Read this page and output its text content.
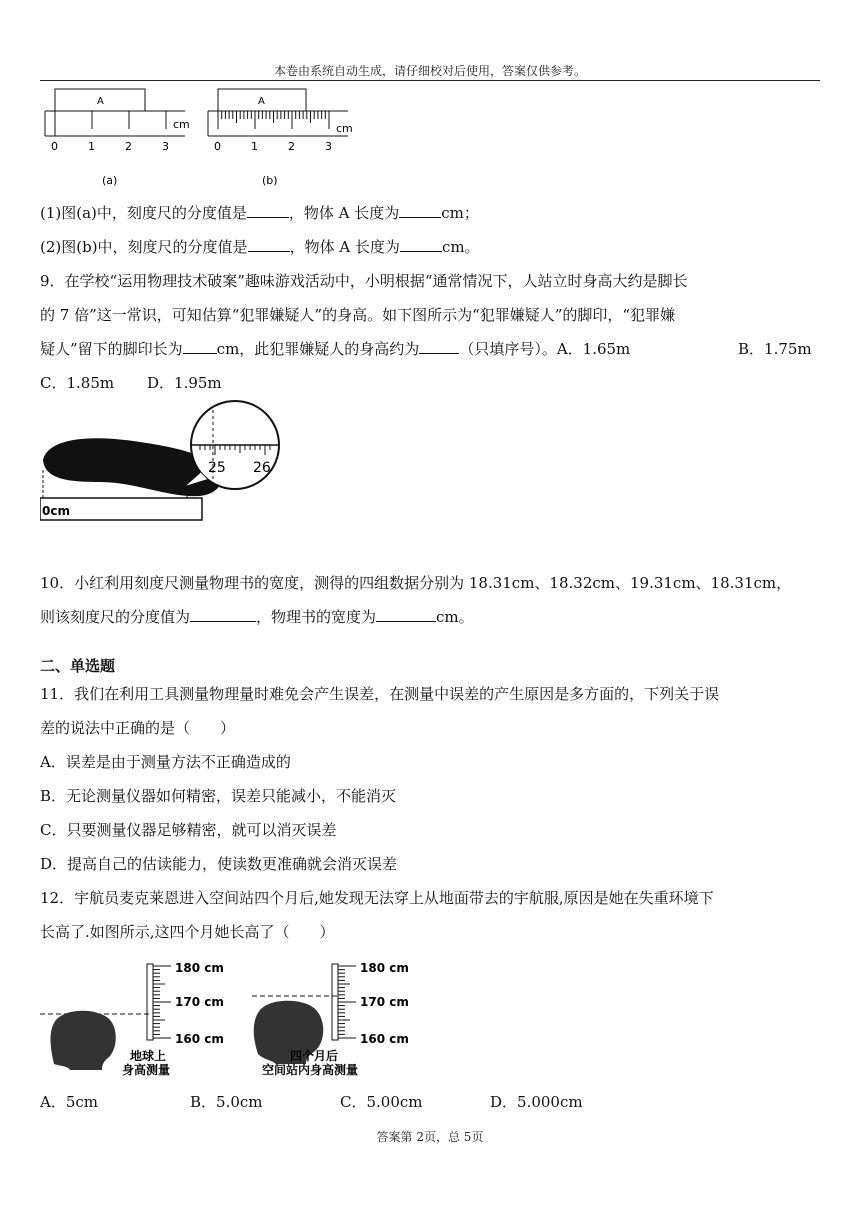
本卷由系统自动生成，请仔细校对后使用，答案仅供参考。
A
cm
0	1	2	3
(a)
A
cm
0	1	2	3
(b)
(1)图(a)中，刻度尺的分度值是	，物体 A 长度为	cm；
(2)图(b)中，刻度尺的分度值是	，物体 A 长度为	cm。
9．在学校“运用物理技术破案”趣味游戏活动中，小明根据“通常情况下，人站立时身高大约是脚长
的 7 倍”这一常识，可知估算“犯罪嫌疑人”的身高。如下图所示为“犯罪嫌疑人”的脚印，“犯罪嫌
疑人”留下的脚印长为 cm，此犯罪嫌疑人的身高约为	（只填序号）。A．1.65m	B．1.75m
C．1.85m D．1.95m
0cm
25 26
10．小红利用刻度尺测量物理书的宽度，测得的四组数据分别为 18.31cm、18.32cm、19.31cm、18.31cm，
则该刻度尺的分度值为	，物理书的宽度为	cm。
二、单选题
11．我们在利用工具测量物理量时难免会产生误差，在测量中误差的产生原因是多方面的，下列关于误
差的说法中正确的是（　　）
A．误差是由于测量方法不正确造成的
B．无论测量仪器如何精密，误差只能减小，不能消灭
C．只要测量仪器足够精密，就可以消灭误差
D．提高自己的估读能力，使读数更准确就会消灭误差
12．宇航员麦克莱恩进入空间站四个月后,她发现无法穿上从地面带去的宇航服,原因是她在失重环境下
长高了.如图所示,这四个月她长高了（　　）
180 cm
170 cm
160 cm
地球上
身高测量
180 cm
170 cm
160 cm
四个月后
空间站内身高测量
A．5cm	B．5.0cm	C．5.00cm	D．5.000cm
答案第 2页，总 5页
